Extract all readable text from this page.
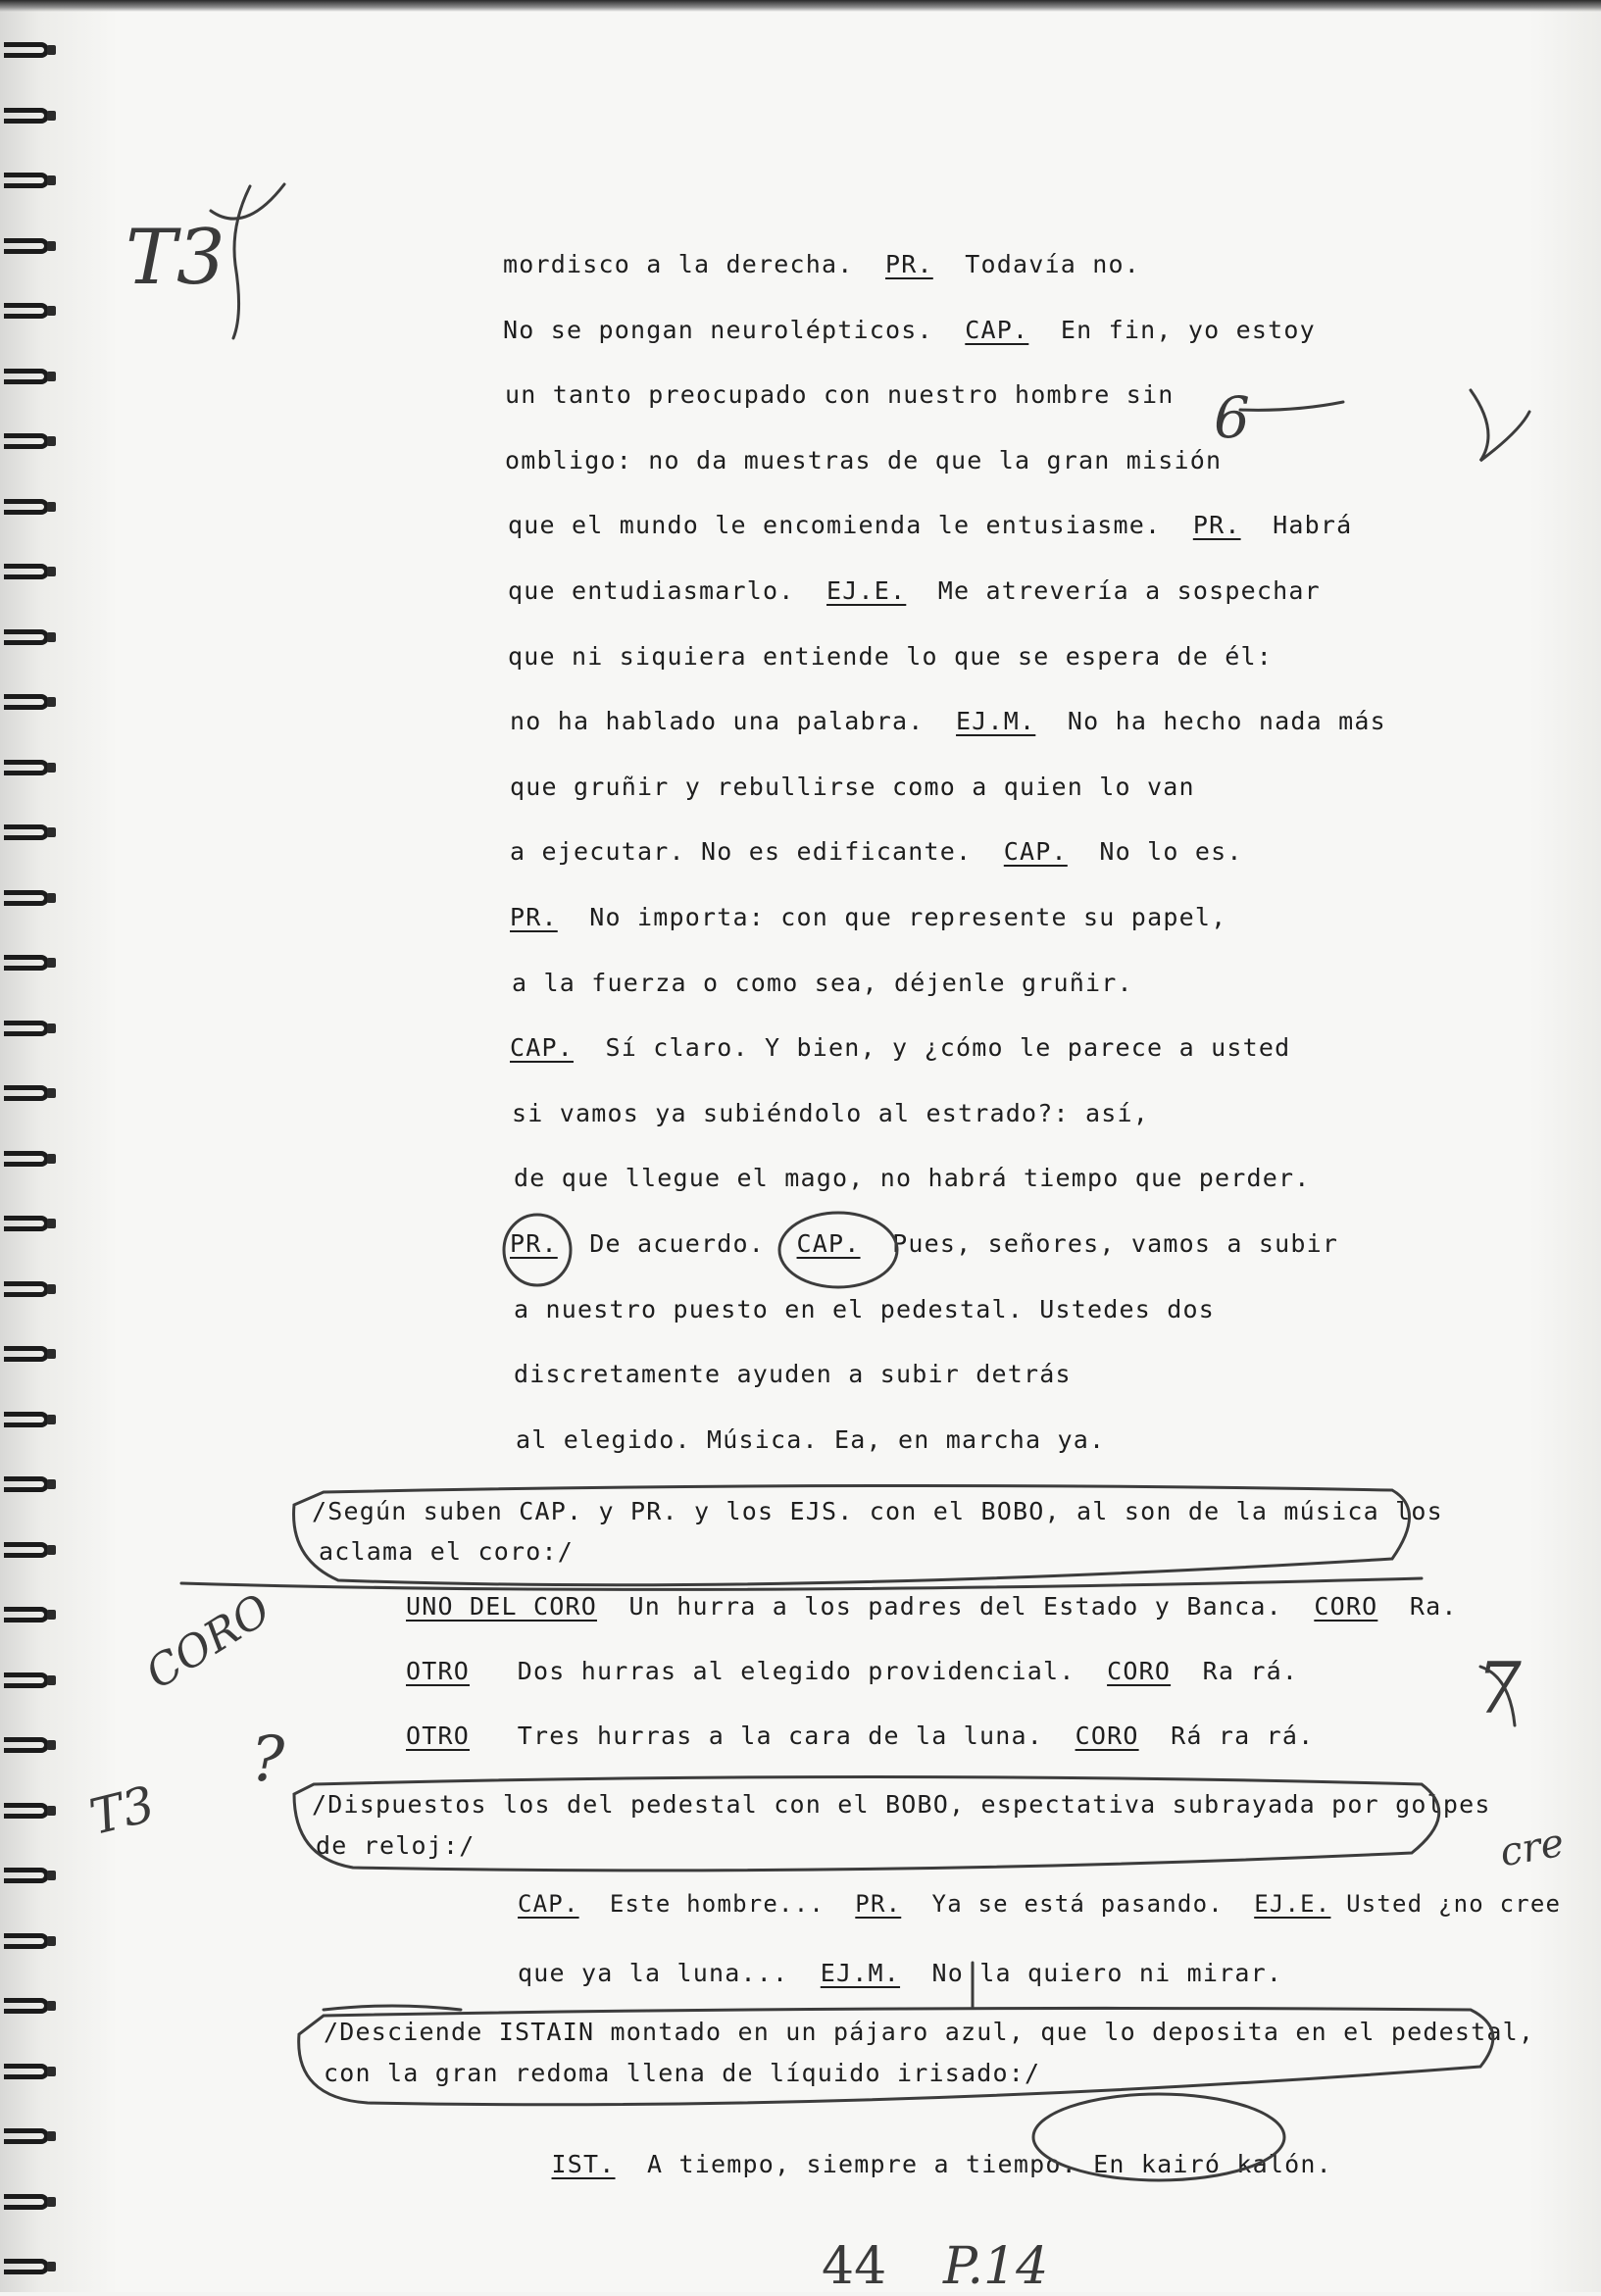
T3
6
CORO
T3
?
7
cre
mordisco a la derecha.  PR.  Todavía no.
No se pongan neurolépticos.  CAP.  En fin, yo estoy
un tanto preocupado con nuestro hombre sin
ombligo: no da muestras de que la gran misión
que el mundo le encomienda le entusiasme.  PR.  Habrá
que entudiasmarlo.  EJ.E.  Me atrevería a sospechar
que ni siquiera entiende lo que se espera de él:
no ha hablado una palabra.  EJ.M.  No ha hecho nada más
que gruñir y rebullirse como a quien lo van
a ejecutar. No es edificante.  CAP.  No lo es.
PR.  No importa: con que represente su papel,
a la fuerza o como sea, déjenle gruñir.
CAP.  Sí claro. Y bien, y ¿cómo le parece a usted
si vamos ya subiéndolo al estrado?: así,
de que llegue el mago, no habrá tiempo que perder.
PR.  De acuerdo.  CAP.  Pues, señores, vamos a subir
a nuestro puesto en el pedestal. Ustedes dos
discretamente ayuden a subir detrás
al elegido. Música. Ea, en marcha ya.
/Según suben CAP. y PR. y los EJS. con el BOBO, al son de la música los
aclama el coro:/
UNO DEL CORO  Un hurra a los padres del Estado y Banca.  CORO  Ra.
OTRO   Dos hurras al elegido providencial.  CORO  Ra rá.
OTRO   Tres hurras a la cara de la luna.  CORO  Rá ra rá.
/Dispuestos los del pedestal con el BOBO, espectativa subrayada por golpes
de reloj:/
CAP.  Este hombre...  PR.  Ya se está pasando.  EJ.E. Usted ¿no cree
que ya la luna...  EJ.M.  No la quiero ni mirar.
/Desciende ISTAIN montado en un pájaro azul, que lo deposita en el pedestal,
con la gran redoma llena de líquido irisado:/

IST.  A tiempo, siempre a tiempo. En kairó kalón.

44 P.14
